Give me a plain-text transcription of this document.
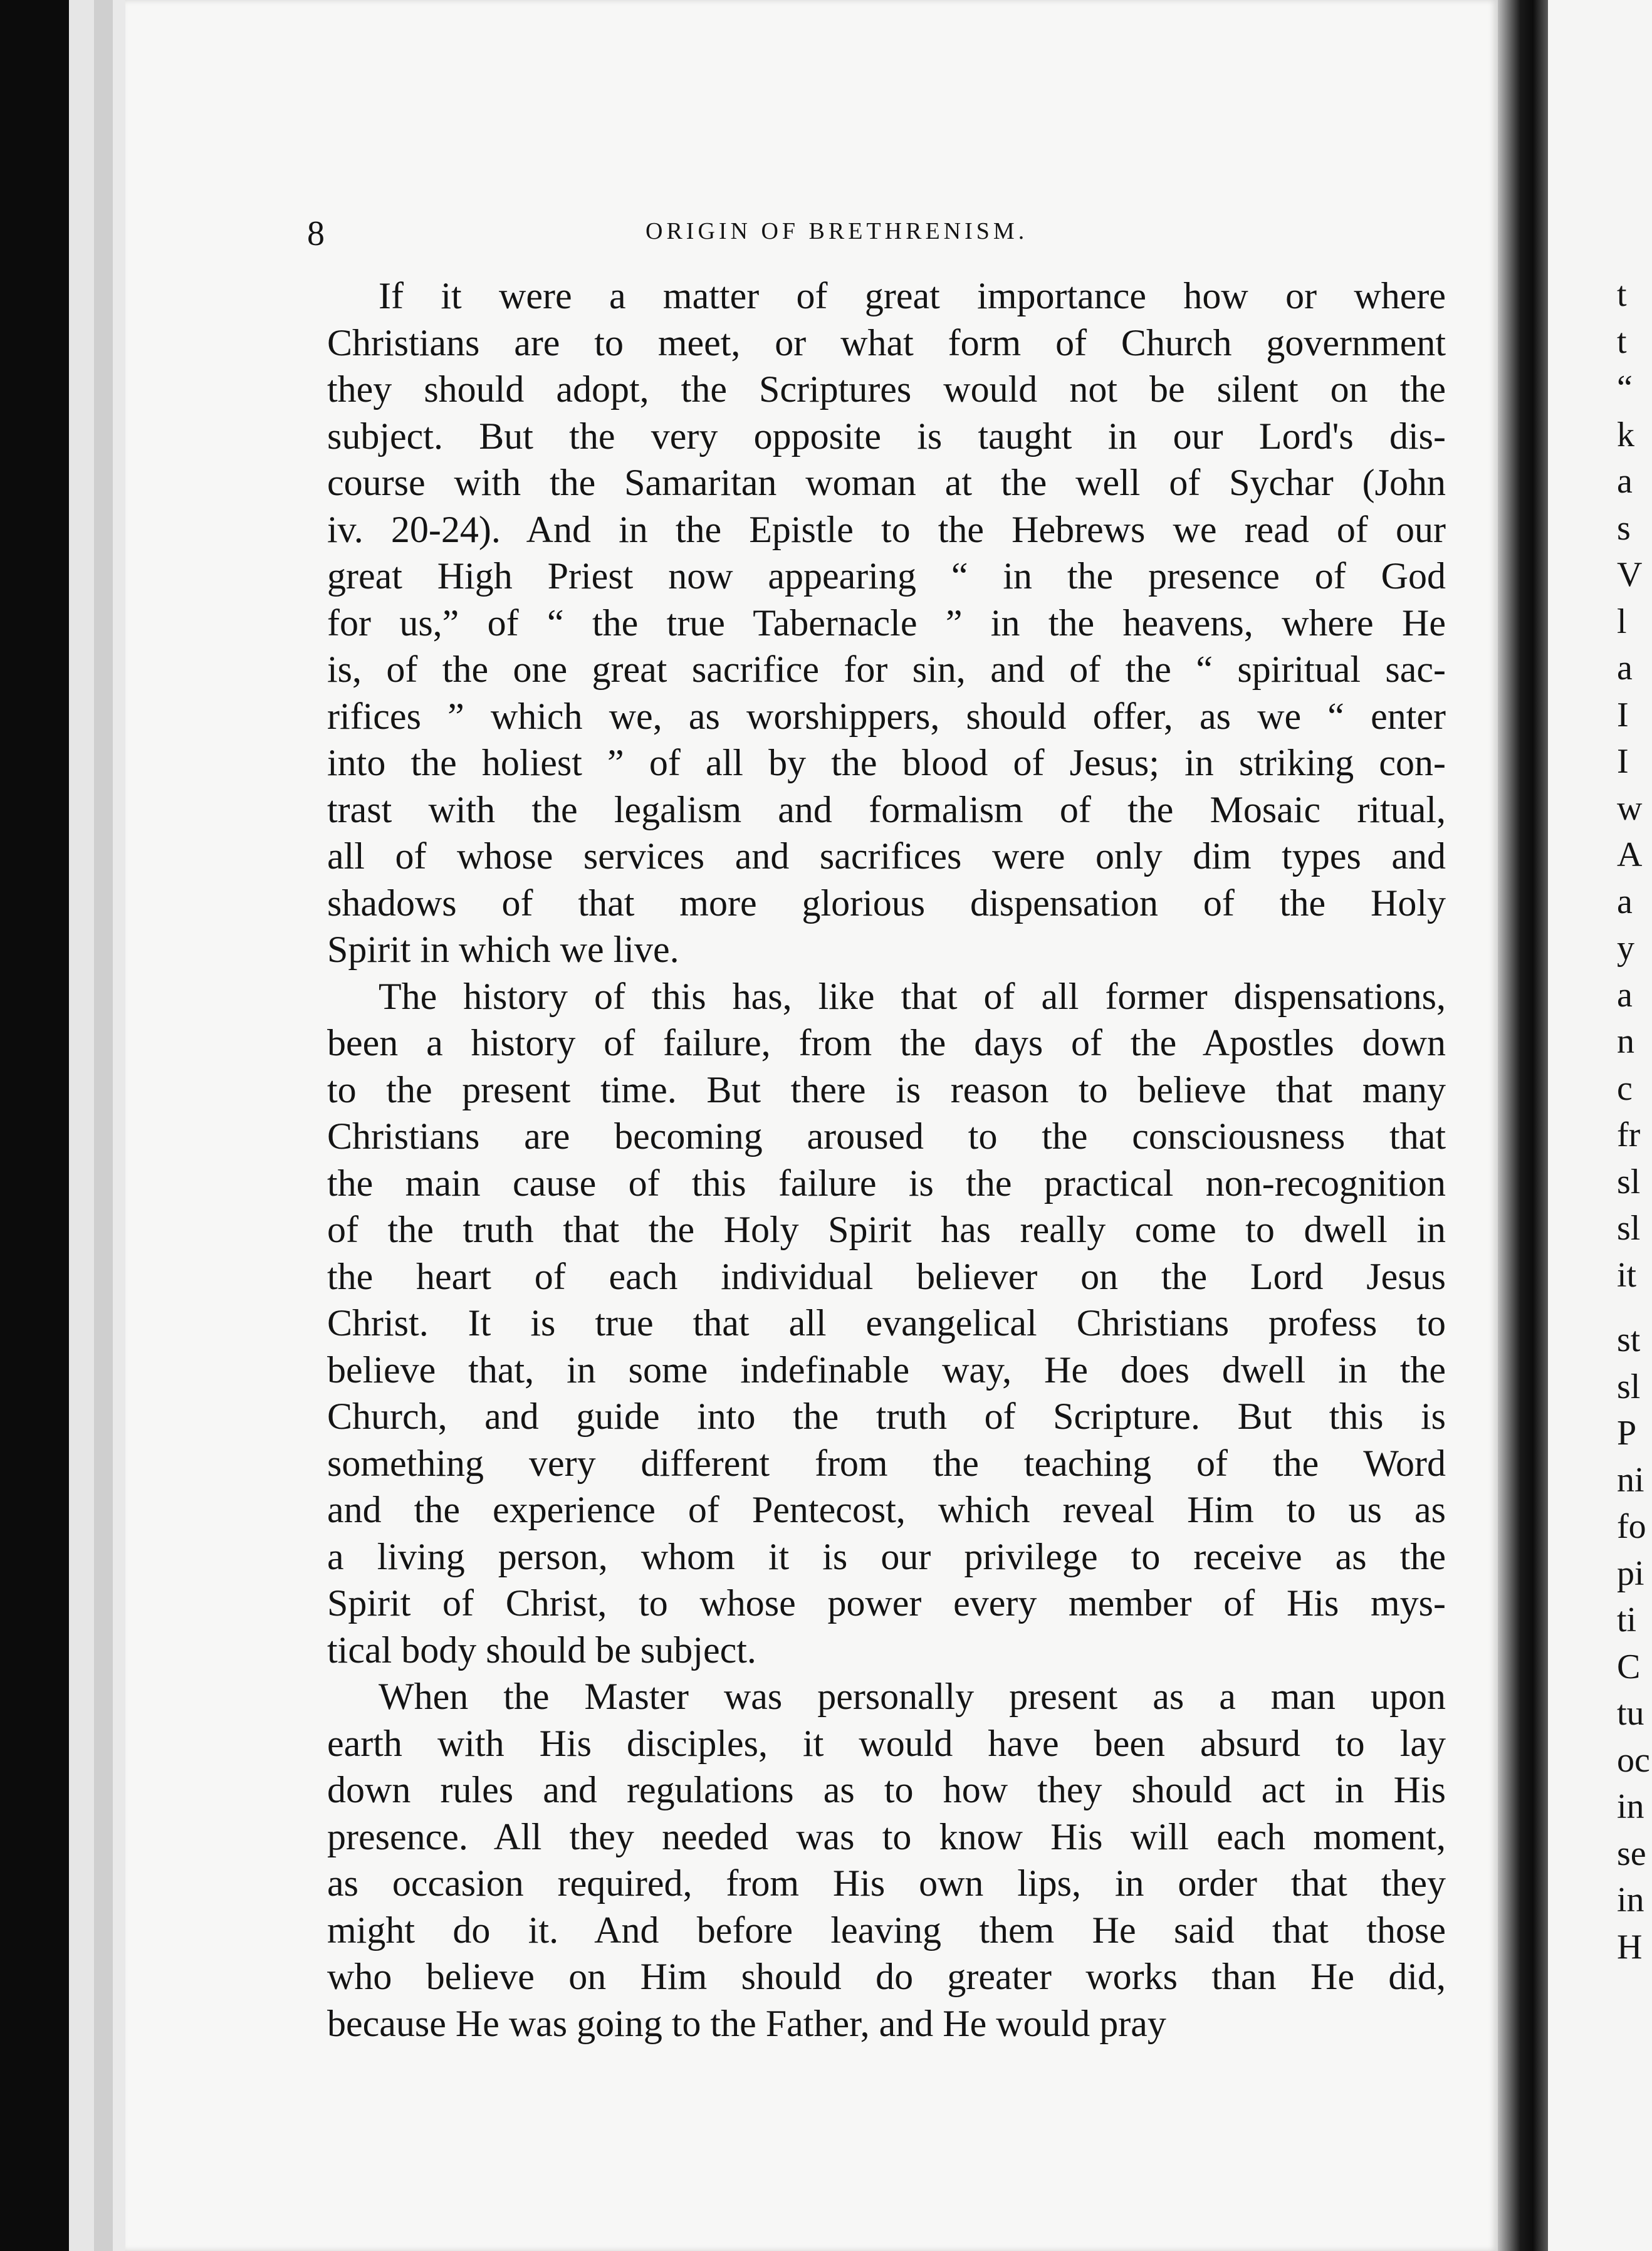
8	ORIGIN OF BRETHRENISM.
If it were a matter of great importance how or where
Christians are to meet, or what form of Church government
they should adopt, the Scriptures would not be silent on the
subject. But the very opposite is taught in our Lord's dis-
course with the Samaritan woman at the well of Sychar (John
iv. 20-24). And in the Epistle to the Hebrews we read of our
great High Priest now appearing “ in the presence of God
for us,” of “ the true Tabernacle ” in the heavens, where He
is, of the one great sacrifice for sin, and of the “ spiritual sac-
rifices ” which we, as worshippers, should offer, as we “ enter
into the holiest ” of all by the blood of Jesus; in striking con-
trast with the legalism and formalism of the Mosaic ritual,
all of whose services and sacrifices were only dim types and
shadows of that more glorious dispensation of the Holy
Spirit in which we live.
The history of this has, like that of all former dispensations,
been a history of failure, from the days of the Apostles down
to the present time. But there is reason to believe that many
Christians are becoming aroused to the consciousness that
the main cause of this failure is the practical non-recognition
of the truth that the Holy Spirit has really come to dwell in
the heart of each individual believer on the Lord Jesus
Christ. It is true that all evangelical Christians profess to
believe that, in some indefinable way, He does dwell in the
Church, and guide into the truth of Scripture. But this is
something very different from the teaching of the Word
and the experience of Pentecost, which reveal Him to us as
a living person, whom it is our privilege to receive as the
Spirit of Christ, to whose power every member of His mys-
tical body should be subject.
When the Master was personally present as a man upon
earth with His disciples, it would have been absurd to lay
down rules and regulations as to how they should act in His
presence. All they needed was to know His will each moment,
as occasion required, from His own lips, in order that they
might do it. And before leaving them He said that those
who believe on Him should do greater works than He did,
because He was going to the Father, and He would pray
t
t
“
k
a
s
V
l
a
I
I
w
A
a
y
a
n
c
fr
sl
sl
it
st
sl
P
ni
fo
pi
ti
C
tu
oc
in
se
in
H
